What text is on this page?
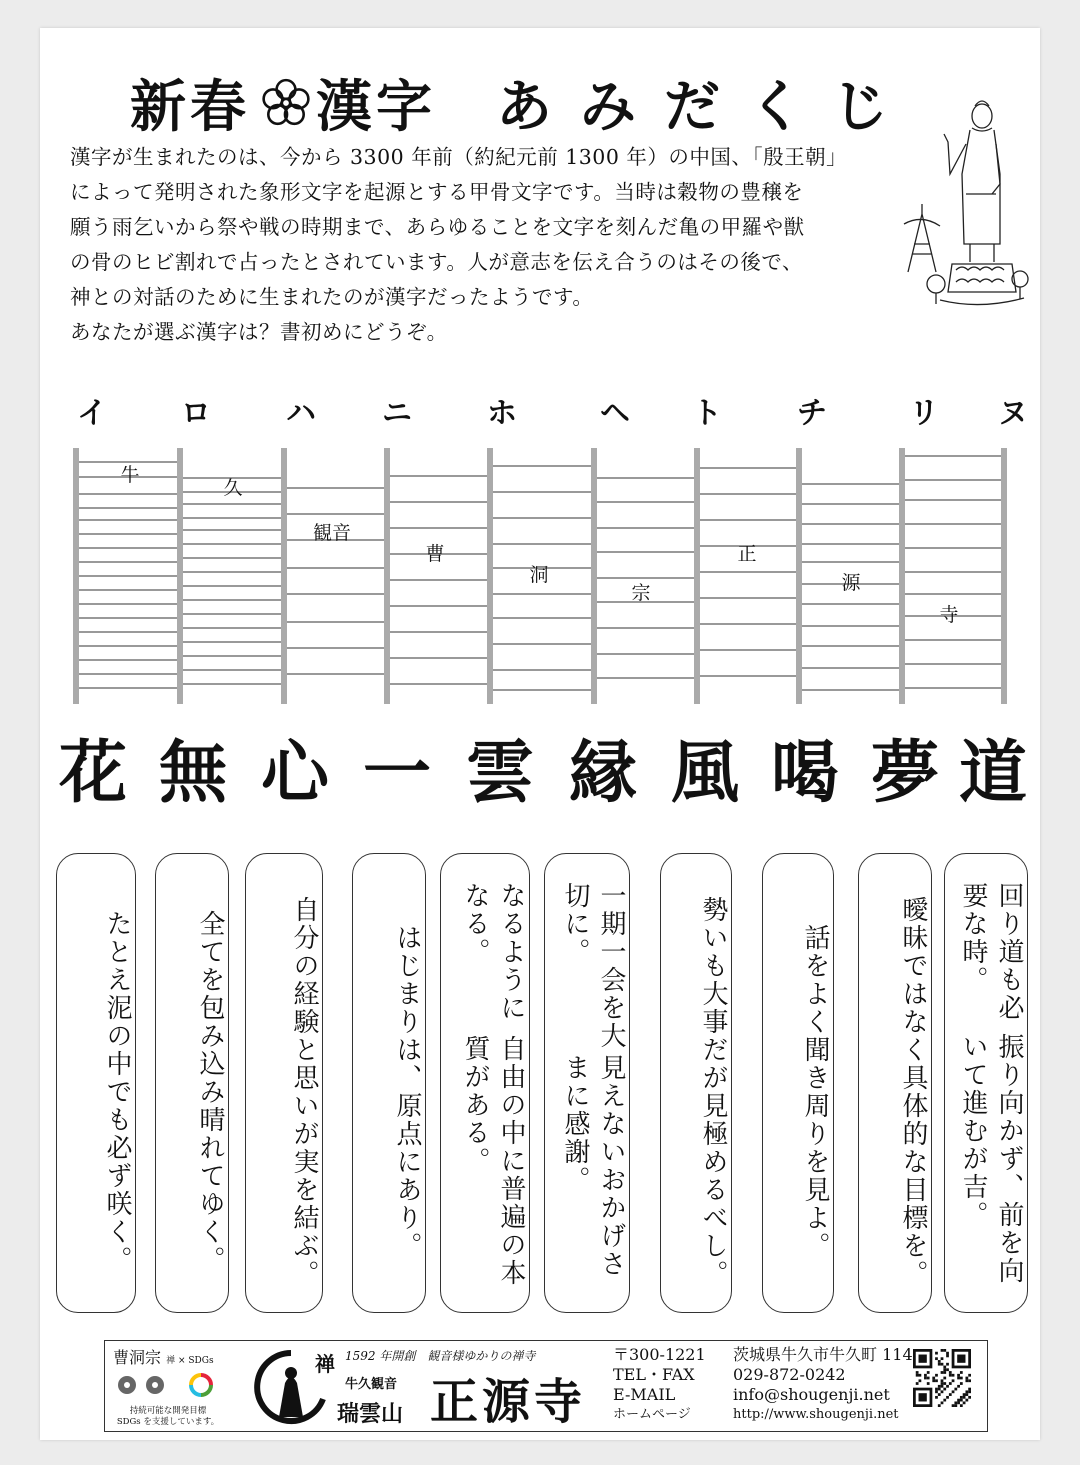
新春 漢字 あみだくじ

漢字が生まれたのは、今から 3300 年前（約紀元前 1300 年）の中国、「殷王朝」

によって発明された象形文字を起源とする甲骨文字です。当時は穀物の豊穣を

願う雨乞いから祭や戦の時期まで、あらゆることを文字を刻んだ亀の甲羅や獣

の骨のヒビ割れで占ったとされています。人が意志を伝え合うのはその後で、

神との対話のために生まれたのが漢字だったようです。

あなたが選ぶ漢字は？書初めにどうぞ。

イ	ロ	ハ	ニ	ホ	ヘ	ト	チ	リ	ヌ
牛
久
観音
曹
洞
宗
正
源
寺
花 無 心 一 雲 縁 風 喝 夢 道
たとえ泥の中でも必ず咲く。	全てを包み込み晴れてゆく。	自分の経験と思いが実を結ぶ。	はじまりは、原点にあり。	なるようになる。
自由の中に普遍の本質がある。
一期一会を大切に。
見えないおかげさまに感謝。	勢いも大事だが見極めるべし。	話をよく聞き周りを見よ。	曖昧ではなく具体的な目標を。	回り道も必要な時。
振り向かず、前を向いて進むが吉。
曹洞宗 禅 × SDGs
持続可能な開発目標
SDGs を支援しています。
禅 1592 年開創　観音様ゆかりの禅寺
牛久観音
瑞雲山 正源寺
〒300-1221
TEL・FAX
E-MAIL
ホームページ
茨城県牛久市牛久町 114
029-872-0242
info@shougenji.net
http://www.shougenji.net
